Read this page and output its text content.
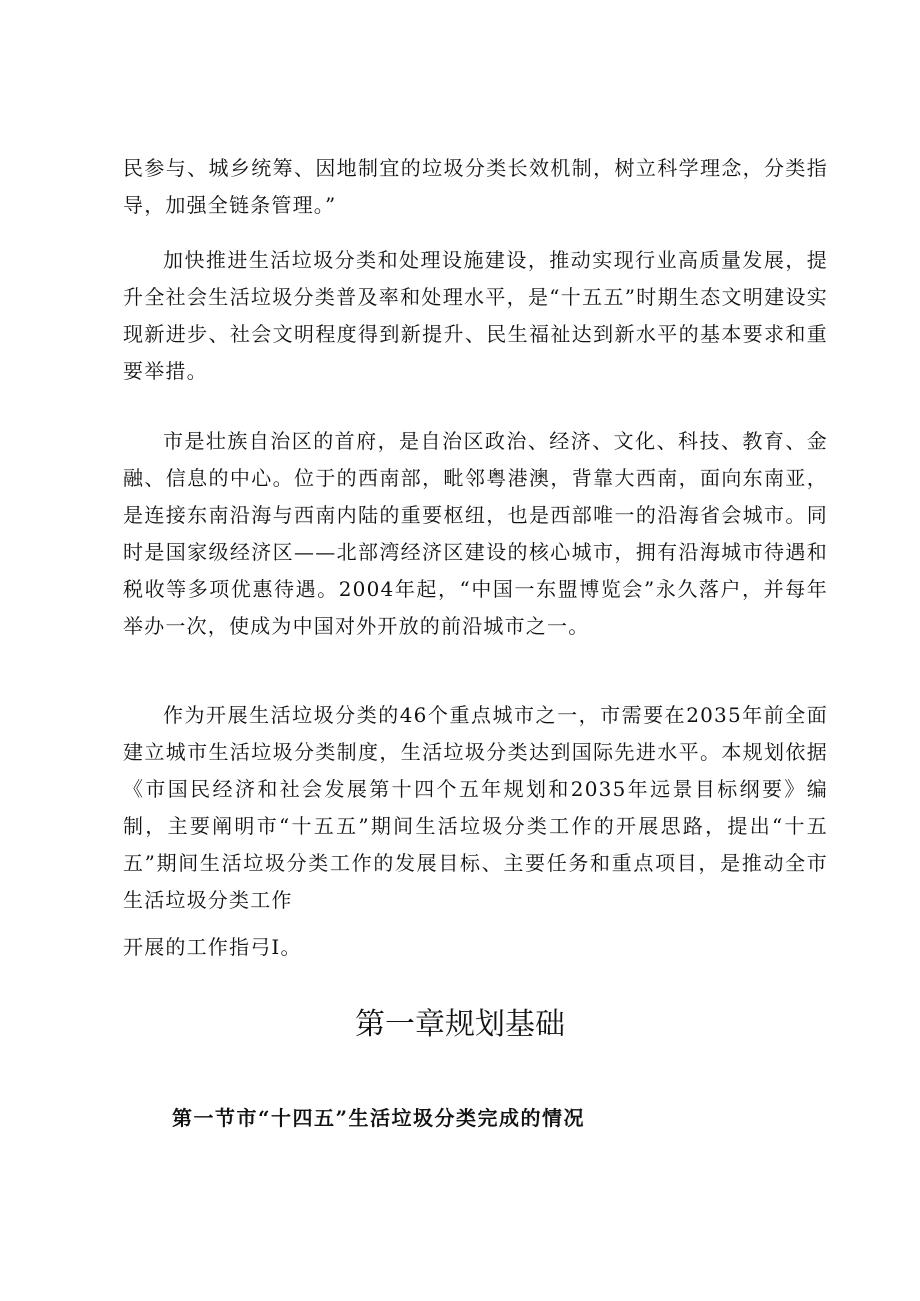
民参与、城乡统筹、因地制宜的垃圾分类长效机制，树立科学理念，分类指导，加强全链条管理。”

加快推进生活垃圾分类和处理设施建设，推动实现行业高质量发展，提升全社会生活垃圾分类普及率和处理水平，是“十五五”时期生态文明建设实现新进步、社会文明程度得到新提升、民生福祉达到新水平的基本要求和重要举措。

市是壮族自治区的首府，是自治区政治、经济、文化、科技、教育、金融、信息的中心。位于的西南部，毗邻粤港澳，背靠大西南，面向东南亚，是连接东南沿海与西南内陆的重要枢纽，也是西部唯一的沿海省会城市。同时是国家级经济区——北部湾经济区建设的核心城市，拥有沿海城市待遇和税收等多项优惠待遇。2004年起，“中国一东盟博览会”永久落户，并每年举办一次，使成为中国对外开放的前沿城市之一。

作为开展生活垃圾分类的46个重点城市之一，市需要在2035年前全面建立城市生活垃圾分类制度，生活垃圾分类达到国际先进水平。本规划依据《市国民经济和社会发展第十四个五年规划和2035年远景目标纲要》编制，主要阐明市“十五五”期间生活垃圾分类工作的开展思路，提出“十五五”期间生活垃圾分类工作的发展目标、主要任务和重点项目，是推动全市生活垃圾分类工作

开展的工作指弓I。

第一章规划基础
第一节市“十四五”生活垃圾分类完成的情况
